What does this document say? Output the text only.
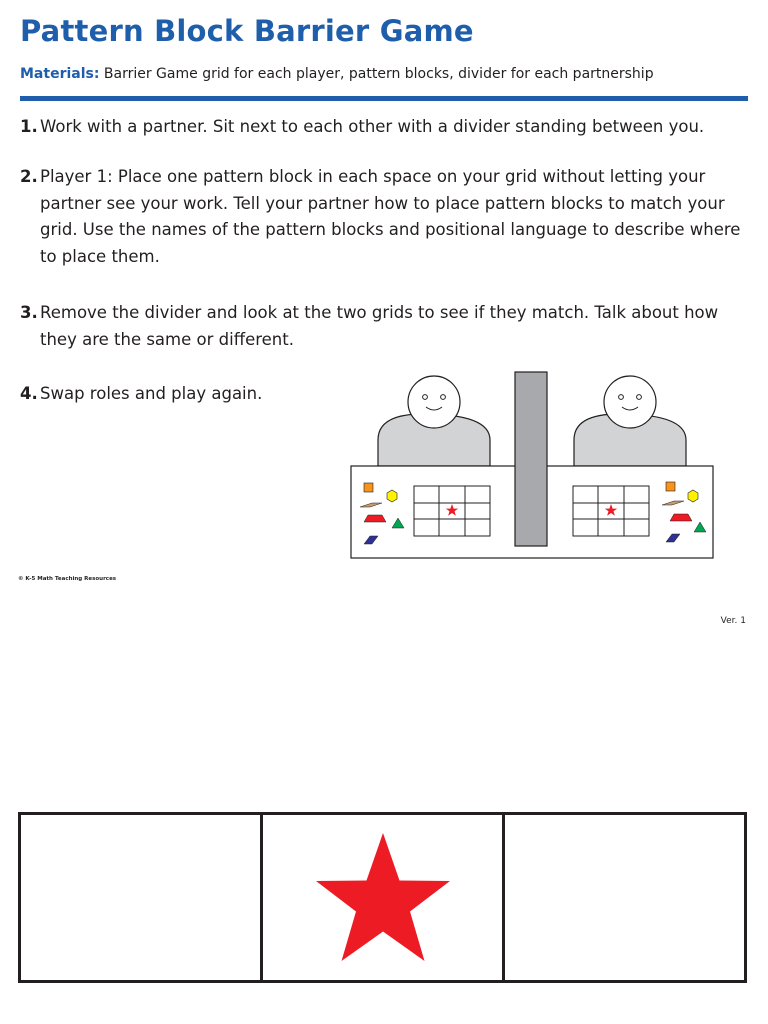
Pattern Block Barrier Game
Materials: Barrier Game grid for each player, pattern blocks, divider for each partnership
1. Work with a partner. Sit next to each other with a divider standing between you.
2. Player 1: Place one pattern block in each space on your grid without letting your partner see your work. Tell your partner how to place pattern blocks to match your grid. Use the names of the pattern blocks and positional language to describe where to place them.
3. Remove the divider and look at the two grids to see if they match. Talk about how they are the same or different.
4. Swap roles and play again.
© K-5 Math Teaching Resources
Ver. 1
